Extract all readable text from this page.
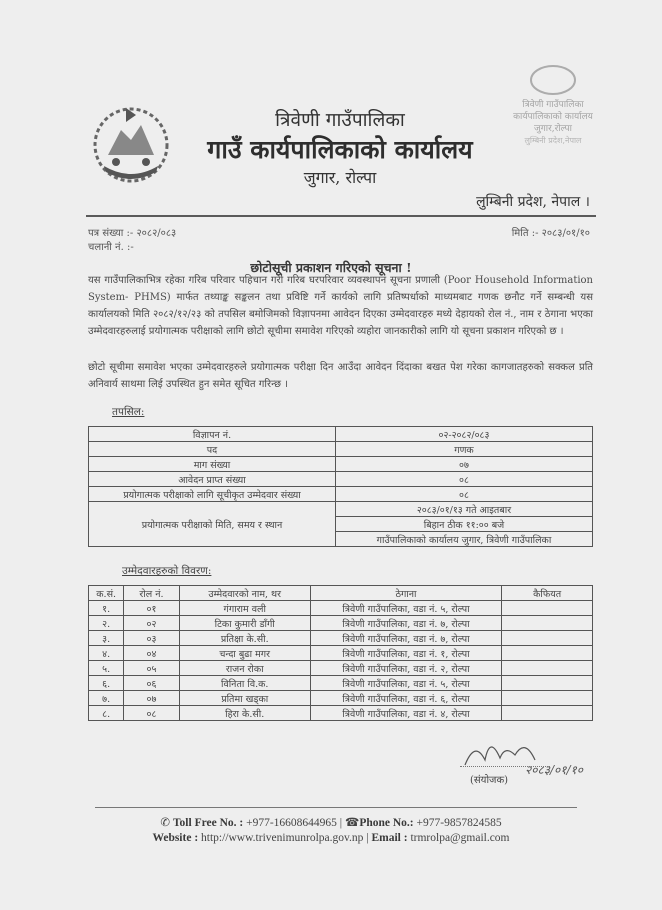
त्रिवेणी गाउँपालिका
कार्यपालिकाको कार्यालय
जुगार,रोल्पा
लुम्बिनी प्रदेश,नेपाल
त्रिवेणी गाउँपालिका
गाउँ कार्यपालिकाको कार्यालय
जुगार, रोल्पा
लुम्बिनी प्रदेश, नेपाल ।
पत्र संख्या :- २०८२/०८३
चलानी नं. :-
मिति :- २०८३/०१/१०
छोटोसूची प्रकाशन गरिएको सूचना !

यस गाउँपालिकाभित्र रहेका गरिब परिवार पहिचान गरी गरिब घरपरिवार व्यवस्थापन सूचना प्रणाली (Poor Household Information System- PHMS) मार्फत तथ्याङ्क सङ्कलन तथा प्रविष्टि गर्ने कार्यको लागि प्रतिष्पर्धाको माध्यमबाट गणक छनौट गर्ने सम्बन्धी यस कार्यालयको मिति २०८२/१२/२३ को तपसिल बमोजिमको विज्ञापनमा आवेदन दिएका उम्मेदवारहरु मध्ये देहायको रोल नं., नाम र ठेगाना भएका उम्मेदवारहरुलाई प्रयोगात्मक परीक्षाको लागि छोटो सूचीमा समावेश गरिएको व्यहोरा जानकारीको लागि यो सूचना प्रकाशन गरिएको छ ।

छोटो सूचीमा समावेश भएका उम्मेदवारहरुले प्रयोगात्मक परीक्षा दिन आउँदा आवेदन दिंदाका बखत पेश गरेका कागजातहरुको सक्कल प्रति अनिवार्य साथमा लिई उपस्थित हुन समेत सूचित गरिन्छ ।

तपसिल:
विज्ञापन नं.	०२-२०८२/०८३
पद	गणक
माग संख्या	०७
आवेदन प्राप्त संख्या	०८
प्रयोगात्मक परीक्षाको लागि सूचीकृत उम्मेदवार संख्या	०८
प्रयोगात्मक परीक्षाको मिति, समय र स्थान	२०८३/०१/१३ गते आइतबार
	बिहान ठीक ११:०० बजे
	गाउँपालिकाको कार्यालय जुगार, त्रिवेणी गाउँपालिका
उम्मेदवारहरुको विवरण:
क.सं.	रोल नं.	उम्मेदवारको नाम, थर	ठेगाना	कैफियत
१.	०१	गंगाराम वली	त्रिवेणी गाउँपालिका, वडा नं. ५, रोल्पा	
२.	०२	टिका कुमारी डाँगी	त्रिवेणी गाउँपालिका, वडा नं. ७, रोल्पा	
३.	०३	प्रतिक्षा के.सी.	त्रिवेणी गाउँपालिका, वडा नं. ७, रोल्पा	
४.	०४	चन्दा बुढा मगर	त्रिवेणी गाउँपालिका, वडा नं. १, रोल्पा	
५.	०५	राजन रोका	त्रिवेणी गाउँपालिका, वडा नं. २, रोल्पा	
६.	०६	विनिता वि.क.	त्रिवेणी गाउँपालिका, वडा नं. ५, रोल्पा	
७.	०७	प्रतिमा खड्का	त्रिवेणी गाउँपालिका, वडा नं. ६, रोल्पा	
८.	०८	हिरा के.सी.	त्रिवेणी गाउँपालिका, वडा नं. ४, रोल्पा	
२०८३/०१/१०
(संयोजक)
✆ Toll Free No. : +977-16608644965 | ☎Phone No.: +977-9857824585
Website : http://www.trivenimunrolpa.gov.np | Email : trmrolpa@gmail.com
